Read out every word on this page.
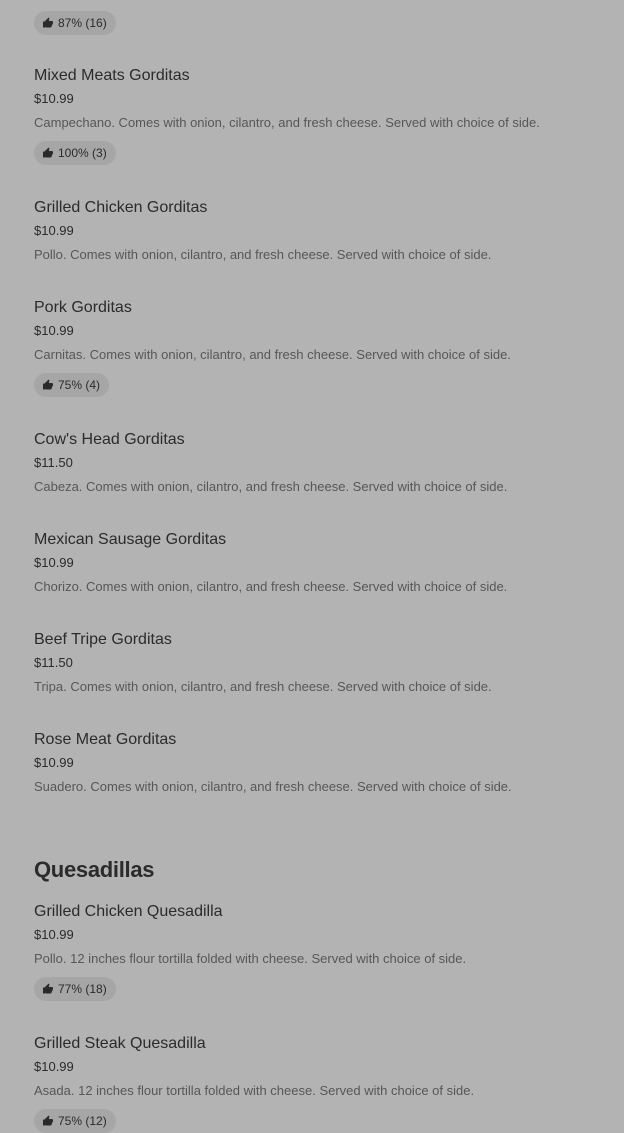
87% (16)
Mixed Meats Gorditas
$10.99
Campechano. Comes with onion, cilantro, and fresh cheese. Served with choice of side.
100% (3)
Grilled Chicken Gorditas
$10.99
Pollo. Comes with onion, cilantro, and fresh cheese. Served with choice of side.
Pork Gorditas
$10.99
Carnitas. Comes with onion, cilantro, and fresh cheese. Served with choice of side.
75% (4)
Cow's Head Gorditas
$11.50
Cabeza. Comes with onion, cilantro, and fresh cheese. Served with choice of side.
Mexican Sausage Gorditas
$10.99
Chorizo. Comes with onion, cilantro, and fresh cheese. Served with choice of side.
Beef Tripe Gorditas
$11.50
Tripa. Comes with onion, cilantro, and fresh cheese. Served with choice of side.
Rose Meat Gorditas
$10.99
Suadero. Comes with onion, cilantro, and fresh cheese. Served with choice of side.
Quesadillas
Grilled Chicken Quesadilla
$10.99
Pollo. 12 inches flour tortilla folded with cheese. Served with choice of side.
77% (18)
Grilled Steak Quesadilla
$10.99
Asada. 12 inches flour tortilla folded with cheese. Served with choice of side.
75% (12)
